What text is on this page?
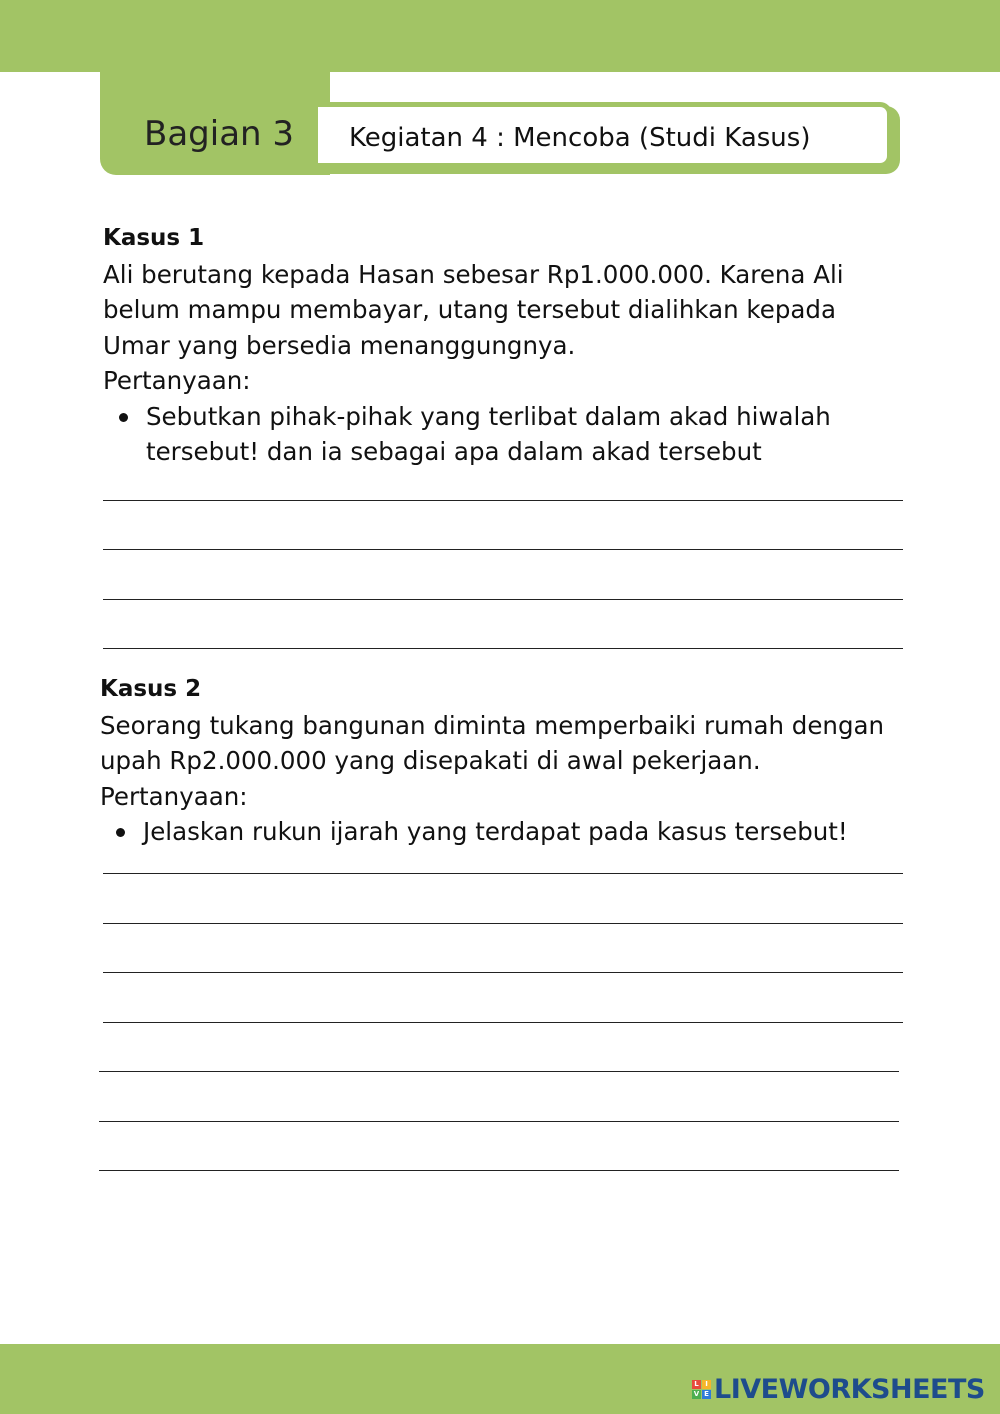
Bagian 3 Kegiatan 4 : Mencoba (Studi Kasus)

Kasus 1

Ali berutang kepada Hasan sebesar Rp1.000.000. Karena Ali belum mampu membayar, utang tersebut dialihkan kepada Umar yang bersedia menanggungnya.

Pertanyaan:

Sebutkan pihak-pihak yang terlibat dalam akad hiwalah tersebut! dan ia sebagai apa dalam akad tersebut

Kasus 2

Seorang tukang bangunan diminta memperbaiki rumah dengan upah Rp2.000.000 yang disepakati di awal pekerjaan.

Pertanyaan:

Jelaskan rukun ijarah yang terdapat pada kasus tersebut!
L I
V E LIVEWORKSHEETS
